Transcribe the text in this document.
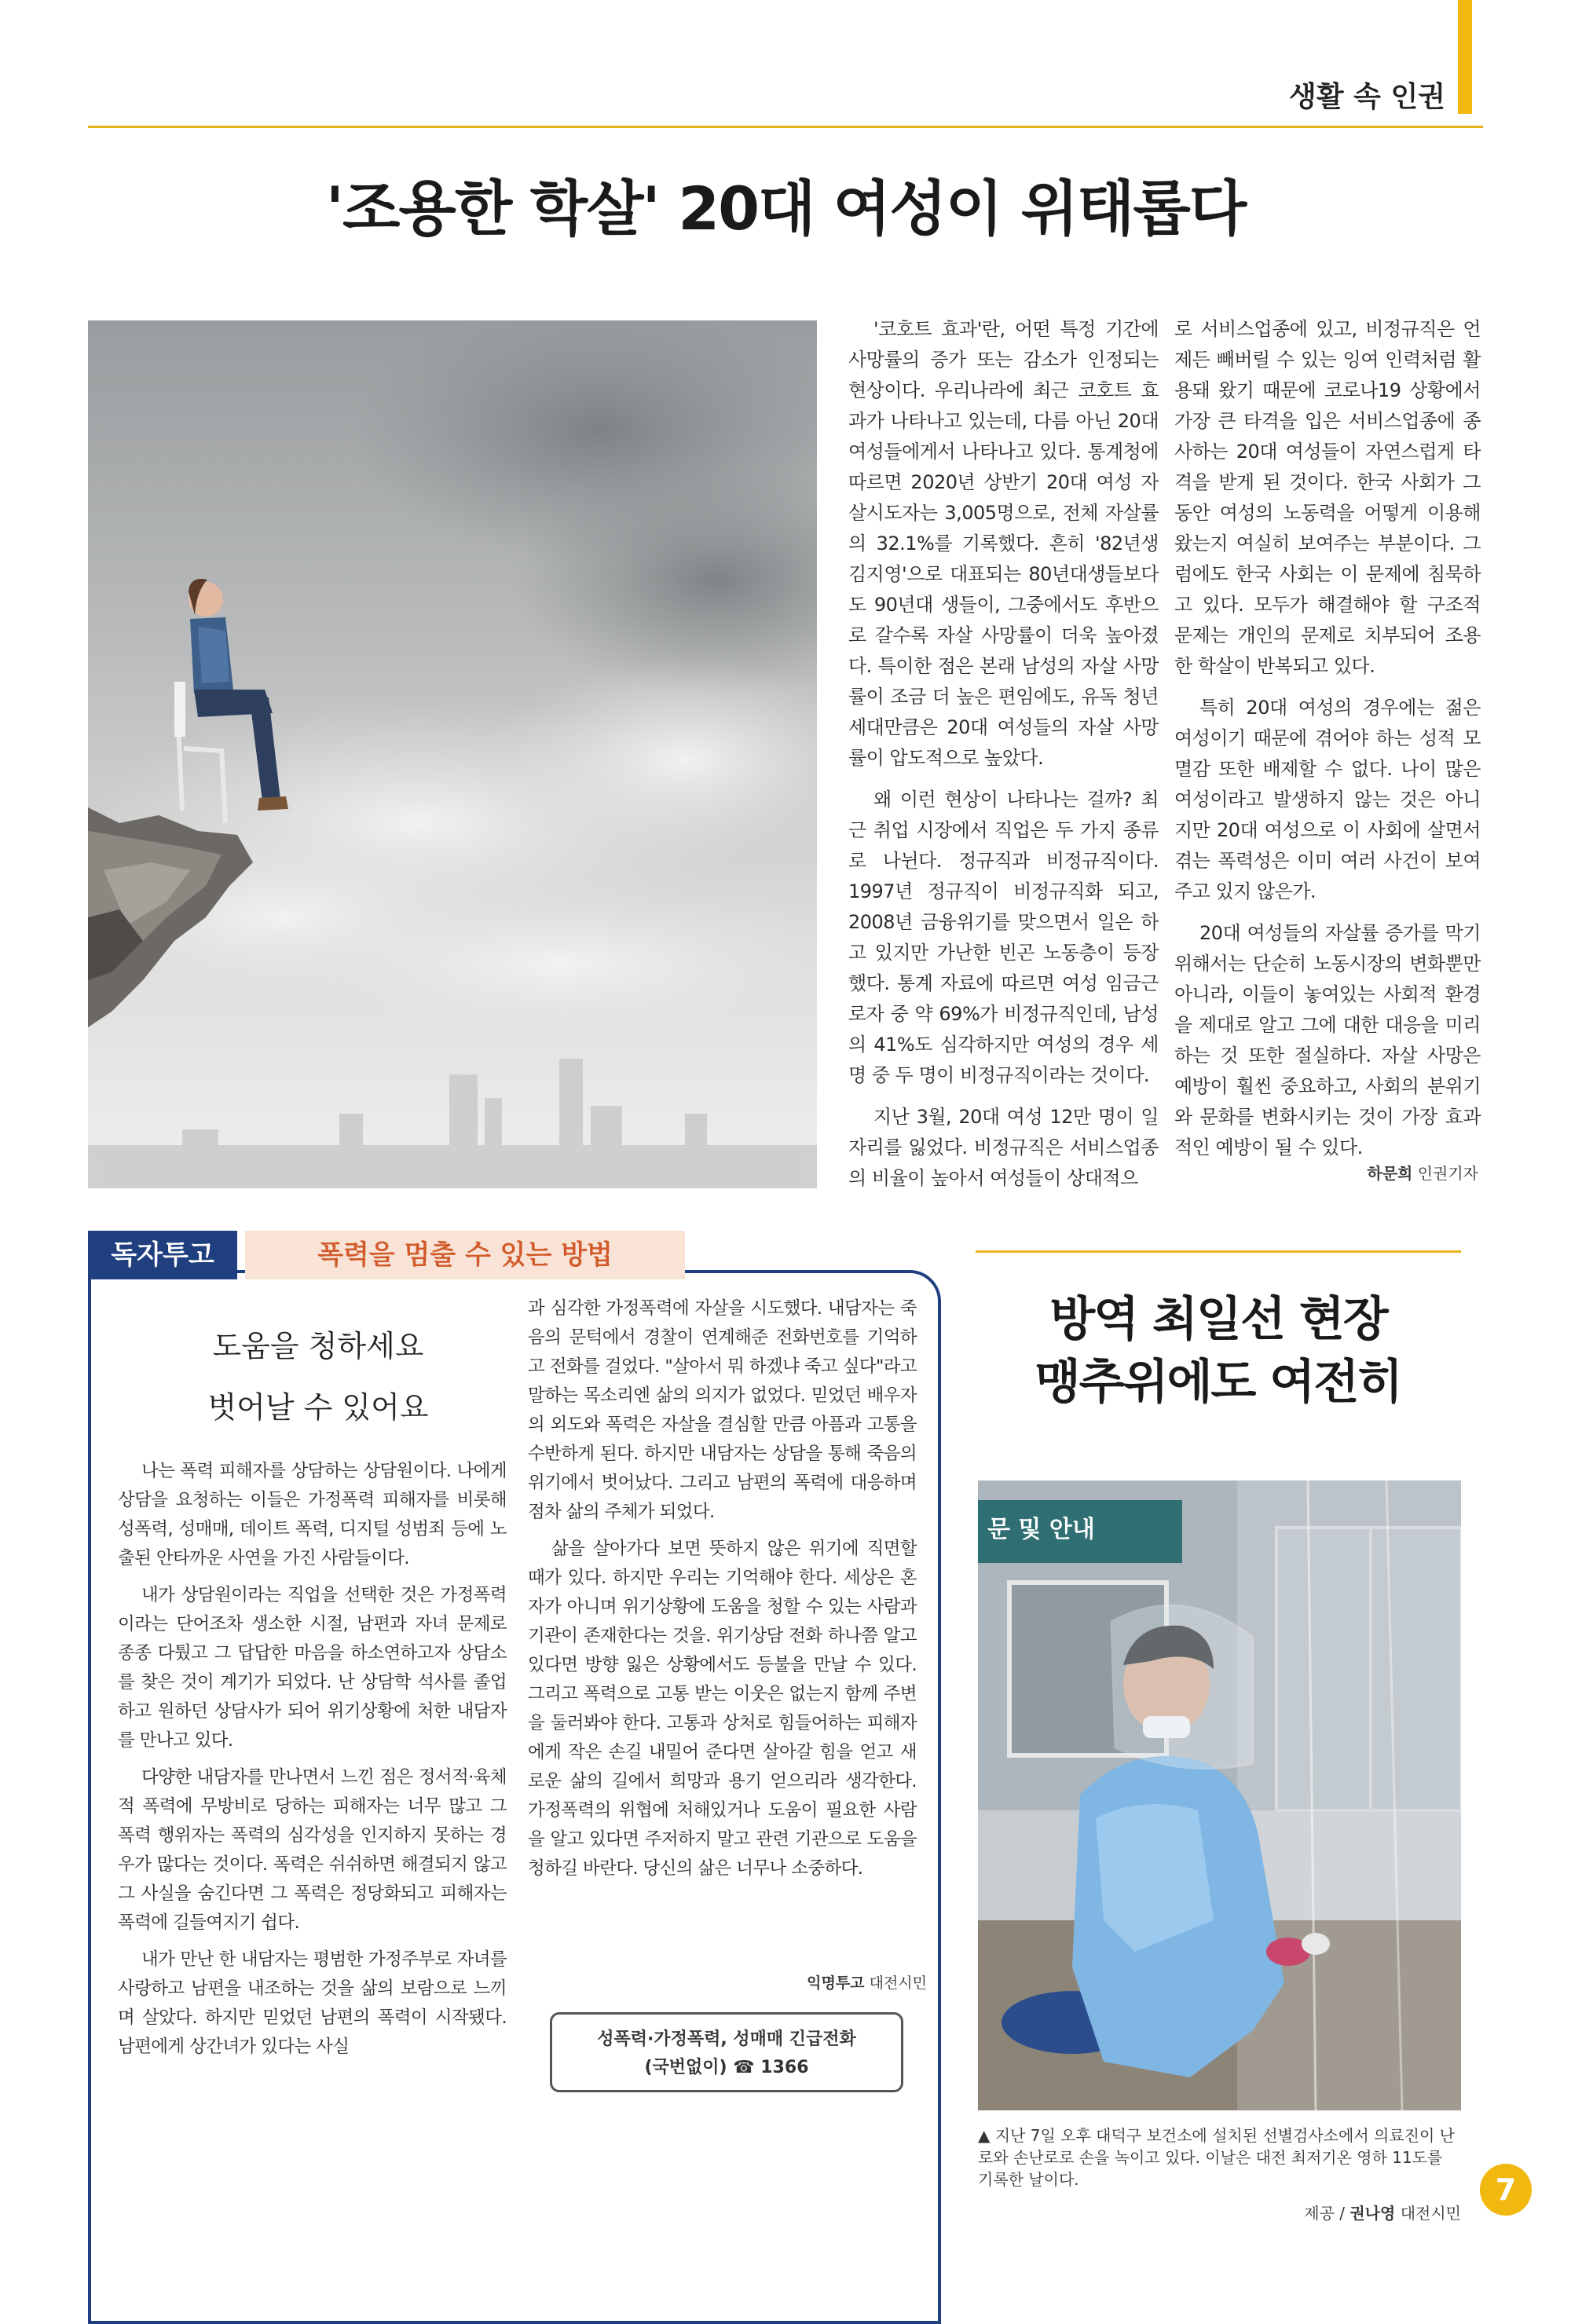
생활 속 인권
'조용한 학살' 20대 여성이 위태롭다

'코호트 효과'란, 어떤 특정 기간에 사망률의 증가 또는 감소가 인정되는 현상이다. 우리나라에 최근 코호트 효과가 나타나고 있는데, 다름 아닌 20대 여성들에게서 나타나고 있다. 통계청에 따르면 2020년 상반기 20대 여성 자살시도자는 3,005명으로, 전체 자살률의 32.1%를 기록했다. 흔히 '82년생 김지영'으로 대표되는 80년대생들보다도 90년대 생들이, 그중에서도 후반으로 갈수록 자살 사망률이 더욱 높아졌다. 특이한 점은 본래 남성의 자살 사망률이 조금 더 높은 편임에도, 유독 청년 세대만큼은 20대 여성들의 자살 사망률이 압도적으로 높았다.

왜 이런 현상이 나타나는 걸까? 최근 취업 시장에서 직업은 두 가지 종류로 나뉜다. 정규직과 비정규직이다. 1997년 정규직이 비정규직화 되고, 2008년 금융위기를 맞으면서 일은 하고 있지만 가난한 빈곤 노동층이 등장했다. 통계 자료에 따르면 여성 임금근로자 중 약 69%가 비정규직인데, 남성의 41%도 심각하지만 여성의 경우 세 명 중 두 명이 비정규직이라는 것이다.

지난 3월, 20대 여성 12만 명이 일자리를 잃었다. 비정규직은 서비스업종의 비율이 높아서 여성들이 상대적으

로 서비스업종에 있고, 비정규직은 언제든 빼버릴 수 있는 잉여 인력처럼 활용돼 왔기 때문에 코로나19 상황에서 가장 큰 타격을 입은 서비스업종에 종사하는 20대 여성들이 자연스럽게 타격을 받게 된 것이다. 한국 사회가 그동안 여성의 노동력을 어떻게 이용해 왔는지 여실히 보여주는 부분이다. 그럼에도 한국 사회는 이 문제에 침묵하고 있다. 모두가 해결해야 할 구조적 문제는 개인의 문제로 치부되어 조용한 학살이 반복되고 있다.

특히 20대 여성의 경우에는 젊은 여성이기 때문에 겪어야 하는 성적 모멸감 또한 배제할 수 없다. 나이 많은 여성이라고 발생하지 않는 것은 아니지만 20대 여성으로 이 사회에 살면서 겪는 폭력성은 이미 여러 사건이 보여주고 있지 않은가.

20대 여성들의 자살률 증가를 막기 위해서는 단순히 노동시장의 변화뿐만 아니라, 이들이 놓여있는 사회적 환경을 제대로 알고 그에 대한 대응을 미리 하는 것 또한 절실하다. 자살 사망은 예방이 훨씬 중요하고, 사회의 분위기와 문화를 변화시키는 것이 가장 효과적인 예방이 될 수 있다.

하문희 인권기자
독자투고	폭력을 멈출 수 있는 방법
도움을 청하세요
벗어날 수 있어요

나는 폭력 피해자를 상담하는 상담원이다. 나에게 상담을 요청하는 이들은 가정폭력 피해자를 비롯해 성폭력, 성매매, 데이트 폭력, 디지털 성범죄 등에 노출된 안타까운 사연을 가진 사람들이다.

내가 상담원이라는 직업을 선택한 것은 가정폭력이라는 단어조차 생소한 시절, 남편과 자녀 문제로 종종 다퉜고 그 답답한 마음을 하소연하고자 상담소를 찾은 것이 계기가 되었다. 난 상담학 석사를 졸업하고 원하던 상담사가 되어 위기상황에 처한 내담자를 만나고 있다.

다양한 내담자를 만나면서 느낀 점은 정서적·육체적 폭력에 무방비로 당하는 피해자는 너무 많고 그 폭력 행위자는 폭력의 심각성을 인지하지 못하는 경우가 많다는 것이다. 폭력은 쉬쉬하면 해결되지 않고 그 사실을 숨긴다면 그 폭력은 정당화되고 피해자는 폭력에 길들여지기 쉽다.

내가 만난 한 내담자는 평범한 가정주부로 자녀를 사랑하고 남편을 내조하는 것을 삶의 보람으로 느끼며 살았다. 하지만 믿었던 남편의 폭력이 시작됐다. 남편에게 상간녀가 있다는 사실

과 심각한 가정폭력에 자살을 시도했다. 내담자는 죽음의 문턱에서 경찰이 연계해준 전화번호를 기억하고 전화를 걸었다. "살아서 뭐 하겠냐 죽고 싶다"라고 말하는 목소리엔 삶의 의지가 없었다. 믿었던 배우자의 외도와 폭력은 자살을 결심할 만큼 아픔과 고통을 수반하게 된다. 하지만 내담자는 상담을 통해 죽음의 위기에서 벗어났다. 그리고 남편의 폭력에 대응하며 점차 삶의 주체가 되었다.

삶을 살아가다 보면 뜻하지 않은 위기에 직면할 때가 있다. 하지만 우리는 기억해야 한다. 세상은 혼자가 아니며 위기상황에 도움을 청할 수 있는 사람과 기관이 존재한다는 것을. 위기상담 전화 하나쯤 알고 있다면 방향 잃은 상황에서도 등불을 만날 수 있다. 그리고 폭력으로 고통 받는 이웃은 없는지 함께 주변을 둘러봐야 한다. 고통과 상처로 힘들어하는 피해자에게 작은 손길 내밀어 준다면 살아갈 힘을 얻고 새로운 삶의 길에서 희망과 용기 얻으리라 생각한다. 가정폭력의 위협에 처해있거나 도움이 필요한 사람을 알고 있다면 주저하지 말고 관련 기관으로 도움을 청하길 바란다. 당신의 삶은 너무나 소중하다.

익명투고 대전시민
성폭력·가정폭력, 성매매 긴급전화
(국번없이) ☎ 1366
방역 최일선 현장
맹추위에도 여전히
문 및 안내
▲ 지난 7일 오후 대덕구 보건소에 설치된 선별검사소에서 의료진이 난로와 손난로로 손을 녹이고 있다. 이날은 대전 최저기온 영하 11도를 기록한 날이다.
제공 / 권나영 대전시민
7
